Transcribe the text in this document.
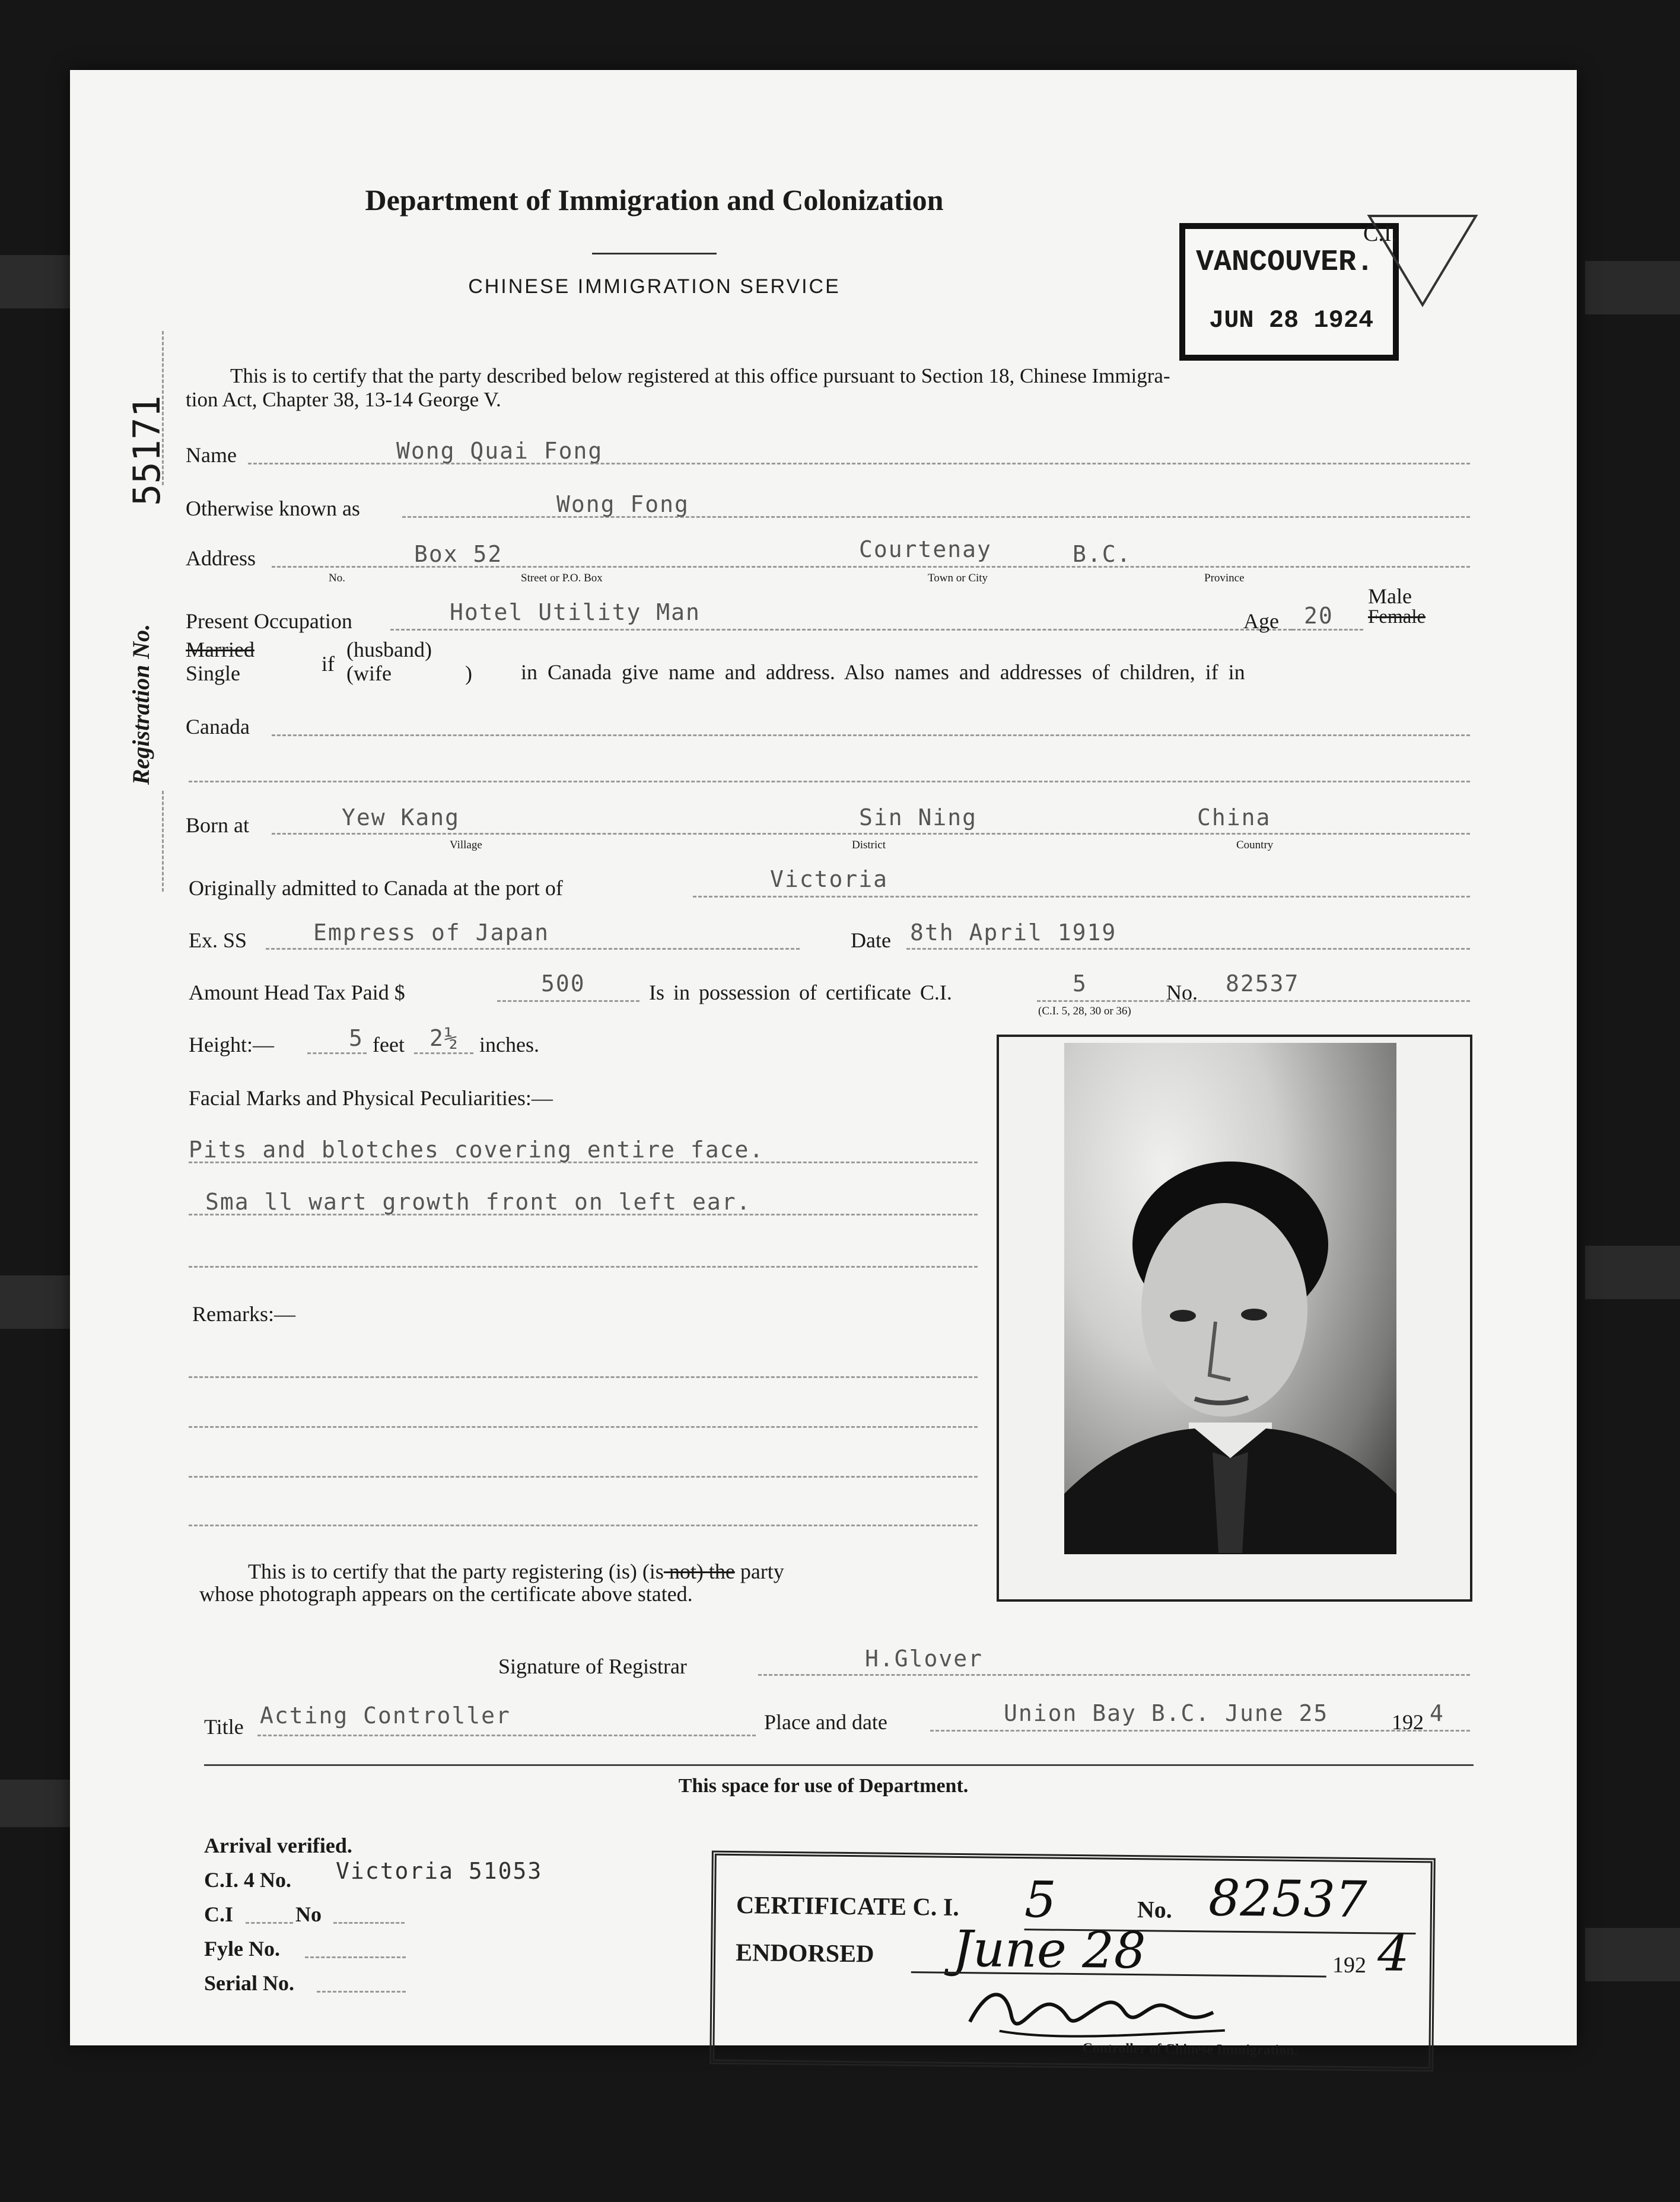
Department of Immigration and Colonization
CHINESE IMMIGRATION SERVICE
VANCOUVER.
JUN 28 1924
C.I.
Registration No.
55171
This is to certify that the party described below registered at this office pursuant to Section 18, Chinese Immigra-
tion Act, Chapter 38, 13-14 George V.
Name	Wong Quai Fong
Otherwise known as	Wong Fong
Address	Box 52	Courtenay	B.C.
No.	Street or P.O. Box	Town or City	Province
Present Occupation	Hotel Utility Man	Age 20
Male
Female
Married
Single	if
(husband)
(wife	) in Canada give name and address. Also names and addresses of children, if in
Canada
Born at	Yew Kang	Sin Ning	China
Village	District	Country
Originally admitted to Canada at the port of	Victoria
Ex. SS	Empress of Japan	Date 8th April 1919
Amount Head Tax Paid $	500	Is in possession of certificate C.I.	5	No. 82537
(C.I. 5, 28, 30 or 36)
Height:—	5 feet 2½ inches.
Facial Marks and Physical Peculiarities:—
Pits and blotches covering entire face.
Sma ll wart growth front on left ear.
Remarks:—
This is to certify that the party registering (is) (is not) the party
whose photograph appears on the certificate above stated.
Signature of Registrar	H.Glover
Title Acting Controller	Place and date	Union Bay B.C. June 25	192 4
This space for use of Department.
Arrival verified.
C.I. 4 No. Victoria 51053
C.I	No
Fyle No.
Serial No.
CERTIFICATE C. I. 5	No. 82537
ENDORSED June 28	192 4
Controller of Chinese Immigration.
